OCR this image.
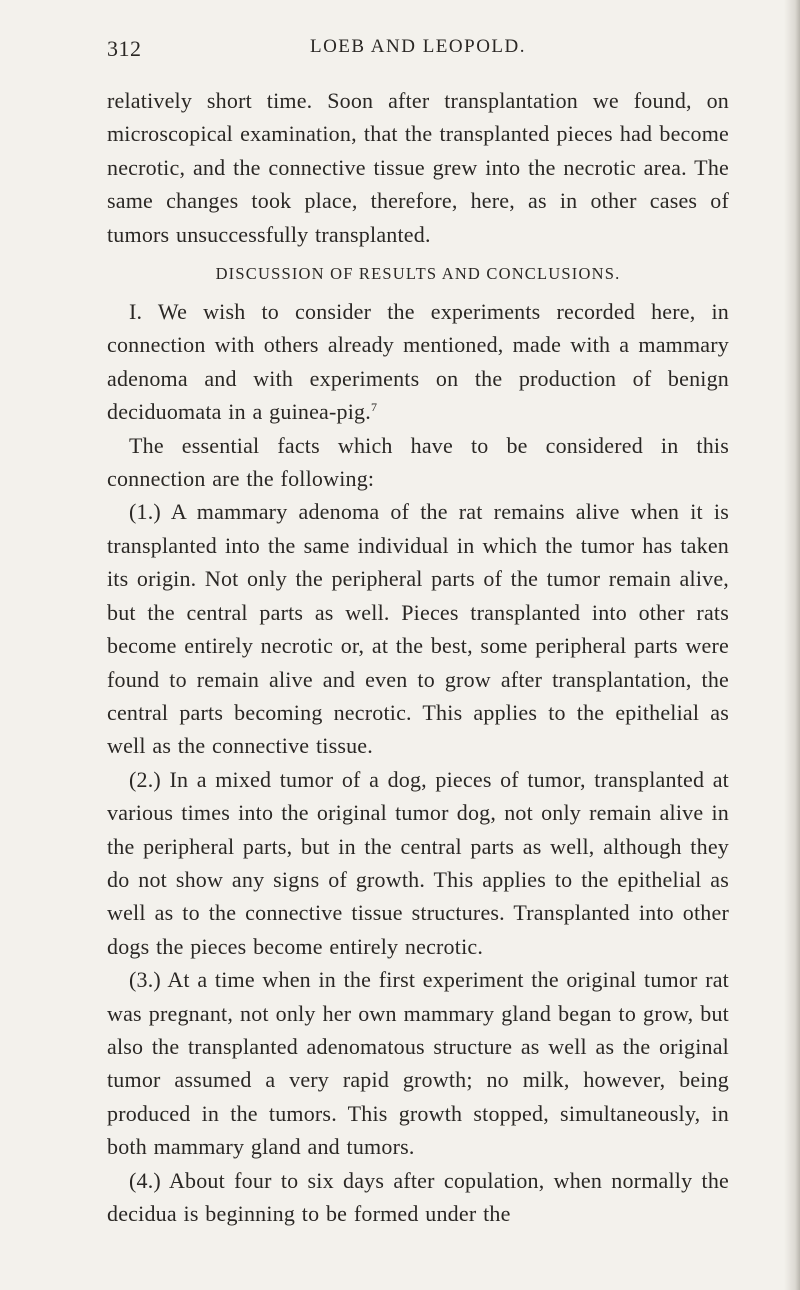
312	LOEB AND LEOPOLD.

relatively short time. Soon after transplantation we found, on microscopical examination, that the transplanted pieces had become necrotic, and the connective tissue grew into the necrotic area. The same changes took place, therefore, here, as in other cases of tumors unsuccessfully transplanted.

DISCUSSION OF RESULTS AND CONCLUSIONS.

I. We wish to consider the experiments recorded here, in connection with others already mentioned, made with a mammary adenoma and with experiments on the production of benign deciduomata in a guinea-pig.$^7$

The essential facts which have to be considered in this connection are the following:

(1.) A mammary adenoma of the rat remains alive when it is transplanted into the same individual in which the tumor has taken its origin. Not only the peripheral parts of the tumor remain alive, but the central parts as well. Pieces transplanted into other rats become entirely necrotic or, at the best, some peripheral parts were found to remain alive and even to grow after transplantation, the central parts becoming necrotic. This applies to the epithelial as well as the connective tissue.

(2.) In a mixed tumor of a dog, pieces of tumor, transplanted at various times into the original tumor dog, not only remain alive in the peripheral parts, but in the central parts as well, although they do not show any signs of growth. This applies to the epithelial as well as to the connective tissue structures. Transplanted into other dogs the pieces become entirely necrotic.

(3.) At a time when in the first experiment the original tumor rat was pregnant, not only her own mammary gland began to grow, but also the transplanted adenomatous structure as well as the original tumor assumed a very rapid growth; no milk, however, being produced in the tumors. This growth stopped, simultaneously, in both mammary gland and tumors.

(4.) About four to six days after copulation, when normally the decidua is beginning to be formed under the
